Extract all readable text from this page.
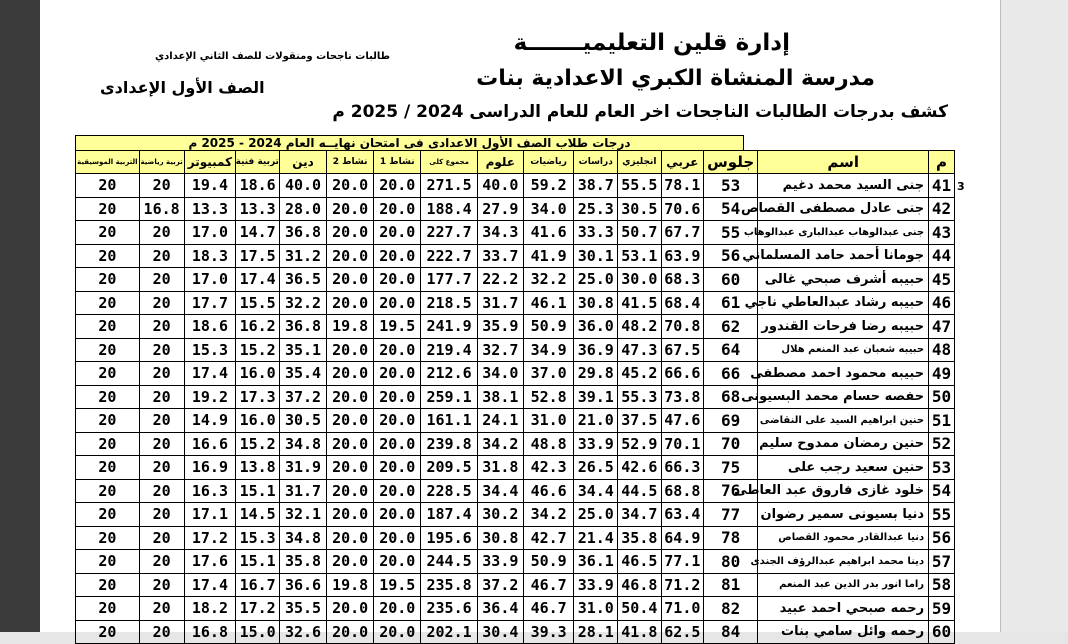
إدارة قلين التعليميـــــــة
مدرسة المنشاة الكبري الاعدادية بنات
كشف بدرجات الطالبات الناجحات اخر العام للعام الدراسى 2024 / 2025 م
طالبات ناجحات ومنقولات للصف الثاني الإعدادي
الصف الأول الإعدادى
3
درجات طلاب الصف الأول الاعدادى فى امتحان نهايــه العام 2024 - 2025 م
م	اسم	جلوس	عربي	انجليزي	دراسات	رياضيات	علوم	مجموع كلى	نشاط 1	نشاط 2	دين	تربية فنية	كمبيوتر	تربية رياضية	التربية الموسيقية
41	جنى السيد محمد دغيم	53	78.1	55.5	38.7	59.2	40.0	271.5	20.0	20.0	40.0	18.6	19.4	20	20
42	جنى عادل مصطفى القصاص	54	70.6	30.5	25.3	34.0	27.9	188.4	20.0	20.0	28.0	13.3	13.3	16.8	20
43	جنى عبدالوهاب عبدالبارى عبدالوهاب	55	67.7	50.7	33.3	41.6	34.3	227.7	20.0	20.0	36.8	14.7	17.0	20	20
44	جومانا أحمد حامد المسلماني	56	63.9	53.1	30.1	41.9	33.7	222.7	20.0	20.0	31.2	17.5	18.3	20	20
45	حبيبه أشرف صبحي غالى	60	68.3	30.0	25.0	32.2	22.2	177.7	20.0	20.0	36.5	17.4	17.0	20	20
46	حبيبه رشاد عبدالعاطي ناجي	61	68.4	41.5	30.8	46.1	31.7	218.5	20.0	20.0	32.2	15.5	17.7	20	20
47	حبيبه رضا فرحات القندور	62	70.8	48.2	36.0	50.9	35.9	241.9	19.5	19.8	36.8	16.2	18.6	20	20
48	حبيبه شعبان عبد المنعم هلال	64	67.5	47.3	36.9	34.9	32.7	219.4	20.0	20.0	35.1	15.2	15.3	20	20
49	حبيبه محمود احمد مصطفى	66	66.6	45.2	29.8	37.0	34.0	212.6	20.0	20.0	35.4	16.0	17.4	20	20
50	حفصه حسام محمد البسيونى	68	73.8	55.3	39.1	52.8	38.1	259.1	20.0	20.0	37.2	17.3	19.2	20	20
51	حنين ابراهيم السيد على النقاضى	69	47.6	37.5	21.0	31.0	24.1	161.1	20.0	20.0	30.5	16.0	14.9	20	20
52	حنين رمضان ممدوح سليم	70	70.1	52.9	33.9	48.8	34.2	239.8	20.0	20.0	34.8	15.2	16.6	20	20
53	حنين سعيد رجب على	75	66.3	42.6	26.5	42.3	31.8	209.5	20.0	20.0	31.9	13.8	16.9	20	20
54	خلود غازى فاروق عبد العاطى	76	68.8	44.5	34.4	46.6	34.4	228.5	20.0	20.0	31.7	15.1	16.3	20	20
55	دنيا بسيونى سمير رضوان	77	63.4	34.7	25.0	34.2	30.2	187.4	20.0	20.0	32.1	14.5	17.1	20	20
56	دنيا عبدالقادر محمود القصاص	78	64.9	35.8	21.4	42.7	30.8	195.6	20.0	20.0	34.8	15.3	17.2	20	20
57	دينا محمد ابراهيم عبدالرؤف الجندى	80	77.1	46.5	36.1	50.9	33.9	244.5	20.0	20.0	35.8	15.1	17.6	20	20
58	راما انور بدر الدين عبد المنعم	81	71.2	46.8	33.9	46.7	37.2	235.8	19.5	19.8	36.6	16.7	17.4	20	20
59	رحمه صبحي احمد عبيد	82	71.0	50.4	31.0	46.7	36.4	235.6	20.0	20.0	35.5	17.2	18.2	20	20
60	رحمه وائل سامي بنات	84	62.5	41.8	28.1	39.3	30.4	202.1	20.0	20.0	32.6	15.0	16.8	20	20
